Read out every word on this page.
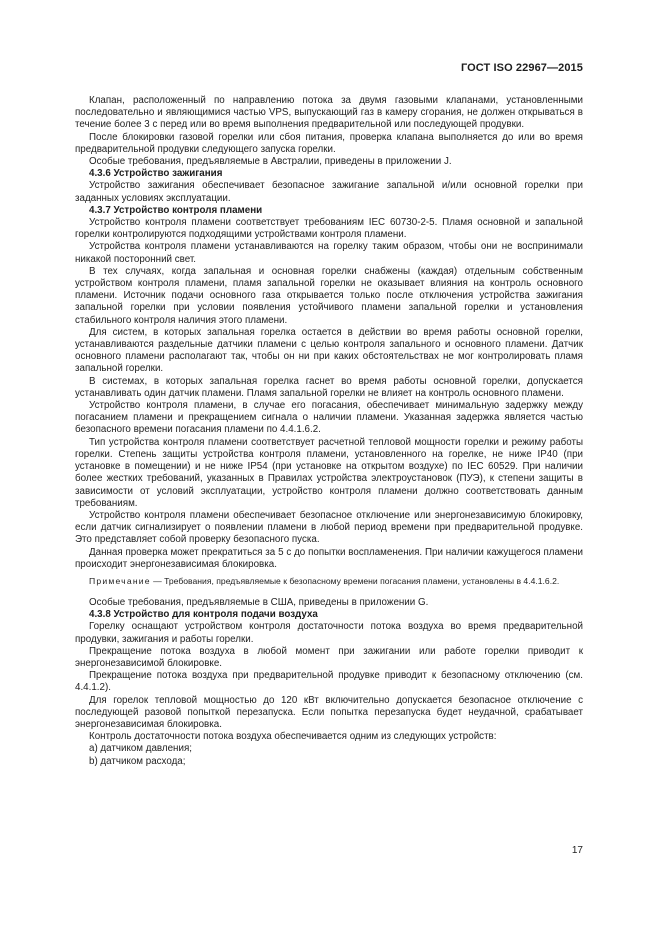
ГОСТ ISO 22967—2015

Клапан, расположенный по направлению потока за двумя газовыми клапанами, установленными последовательно и являющимися частью VPS, выпускающий газ в камеру сгорания, не должен открываться в течение более 3 с перед или во время выполнения предварительной или последующей продувки.

После блокировки газовой горелки или сбоя питания, проверка клапана выполняется до или во время предварительной продувки следующего запуска горелки.

Особые требования, предъявляемые в Австралии, приведены в приложении J.

4.3.6 Устройство зажигания

Устройство зажигания обеспечивает безопасное зажигание запальной и/или основной горелки при заданных условиях эксплуатации.

4.3.7 Устройство контроля пламени

Устройство контроля пламени соответствует требованиям IEC 60730-2-5. Пламя основной и запальной горелки контролируются подходящими устройствами контроля пламени.

Устройства контроля пламени устанавливаются на горелку таким образом, чтобы они не воспринимали никакой посторонний свет.

В тех случаях, когда запальная и основная горелки снабжены (каждая) отдельным собственным устройством контроля пламени, пламя запальной горелки не оказывает влияния на контроль основного пламени. Источник подачи основного газа открывается только после отключения устройства зажигания запальной горелки при условии появления устойчивого пламени запальной горелки и установления стабильного контроля наличия этого пламени.

Для систем, в которых запальная горелка остается в действии во время работы основной горелки, устанавливаются раздельные датчики пламени с целью контроля запального и основного пламени. Датчик основного пламени располагают так, чтобы он ни при каких обстоятельствах не мог контролировать пламя запальной горелки.

В системах, в которых запальная горелка гаснет во время работы основной горелки, допускается устанавливать один датчик пламени. Пламя запальной горелки не влияет на контроль основного пламени.

Устройство контроля пламени, в случае его погасания, обеспечивает минимальную задержку между погасанием пламени и прекращением сигнала о наличии пламени. Указанная задержка является частью безопасного времени погасания пламени по 4.4.1.6.2.

Тип устройства контроля пламени соответствует расчетной тепловой мощности горелки и режиму работы горелки. Степень защиты устройства контроля пламени, установленного на горелке, не ниже IP40 (при установке в помещении) и не ниже IP54 (при установке на открытом воздухе) по IEC 60529. При наличии более жестких требований, указанных в Правилах устройства электроустановок (ПУЭ), к степени защиты в зависимости от условий эксплуатации, устройство контроля пламени должно соответствовать данным требованиям.

Устройство контроля пламени обеспечивает безопасное отключение или энергонезависимую блокировку, если датчик сигнализирует о появлении пламени в любой период времени при предварительной продувке. Это представляет собой проверку безопасного пуска.

Данная проверка может прекратиться за 5 с до попытки воспламенения. При наличии кажущегося пламени происходит энергонезависимая блокировка.

Примечание — Требования, предъявляемые к безопасному времени погасания пламени, установлены в 4.4.1.6.2.

Особые требования, предъявляемые в США, приведены в приложении G.

4.3.8 Устройство для контроля подачи воздуха

Горелку оснащают устройством контроля достаточности потока воздуха во время предварительной продувки, зажигания и работы горелки.

Прекращение потока воздуха в любой момент при зажигании или работе горелки приводит к энергонезависимой блокировке.

Прекращение потока воздуха при предварительной продувке приводит к безопасному отключению (см. 4.4.1.2).

Для горелок тепловой мощностью до 120 кВт включительно допускается безопасное отключение с последующей разовой попыткой перезапуска. Если попытка перезапуска будет неудачной, срабатывает энергонезависимая блокировка.

Контроль достаточности потока воздуха обеспечивается одним из следующих устройств:

a) датчиком давления;

b) датчиком расхода;

17
